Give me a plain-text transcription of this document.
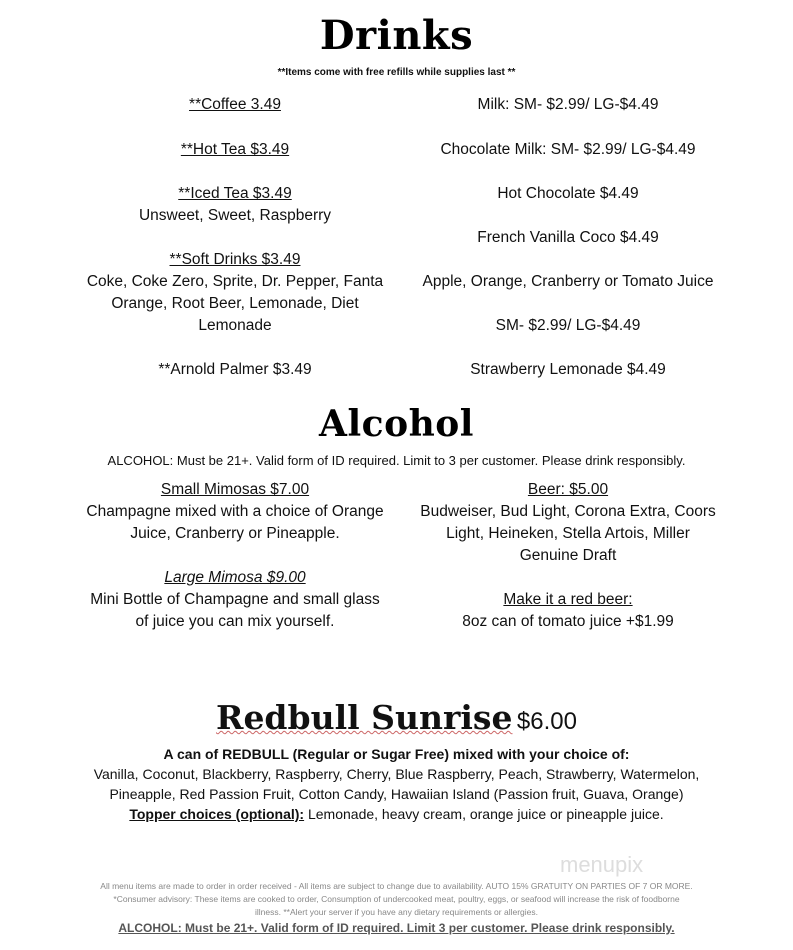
Drinks
**Items come with free refills while supplies last **
**Coffee 3.49
**Hot Tea $3.49
**Iced Tea $3.49
Unsweet, Sweet, Raspberry
**Soft Drinks $3.49
Coke, Coke Zero, Sprite, Dr. Pepper, Fanta
Orange, Root Beer, Lemonade, Diet
Lemonade
**Arnold Palmer $3.49
Milk: SM- $2.99/ LG-$4.49
Chocolate Milk: SM- $2.99/ LG-$4.49
Hot Chocolate $4.49
French Vanilla Coco $4.49
Apple, Orange, Cranberry or Tomato Juice
SM- $2.99/ LG-$4.49
Strawberry Lemonade $4.49
Alcohol
ALCOHOL: Must be 21+. Valid form of ID required. Limit to 3 per customer. Please drink responsibly.
Small Mimosas $7.00
Champagne mixed with a choice of Orange
Juice, Cranberry or Pineapple.
Large Mimosa $9.00
Mini Bottle of Champagne and small glass
of juice you can mix yourself.
Beer: $5.00
Budweiser, Bud Light, Corona Extra, Coors
Light, Heineken, Stella Artois, Miller
Genuine Draft
Make it a red beer:
8oz can of tomato juice +$1.99
Redbull Sunrise $6.00
A can of REDBULL (Regular or Sugar Free) mixed with your choice of:
Vanilla, Coconut, Blackberry, Raspberry, Cherry, Blue Raspberry, Peach, Strawberry, Watermelon,
Pineapple, Red Passion Fruit, Cotton Candy, Hawaiian Island (Passion fruit, Guava, Orange)
Topper choices (optional): Lemonade, heavy cream, orange juice or pineapple juice.
menupix
All menu items are made to order in order received - All items are subject to change due to availability. AUTO 15% GRATUITY ON PARTIES OF 7 OR MORE.
*Consumer advisory: These items are cooked to order, Consumption of undercooked meat, poultry, eggs, or seafood will increase the risk of foodborne
illness. **Alert your server if you have any dietary requirements or allergies.
ALCOHOL: Must be 21+. Valid form of ID required. Limit 3 per customer. Please drink responsibly.
